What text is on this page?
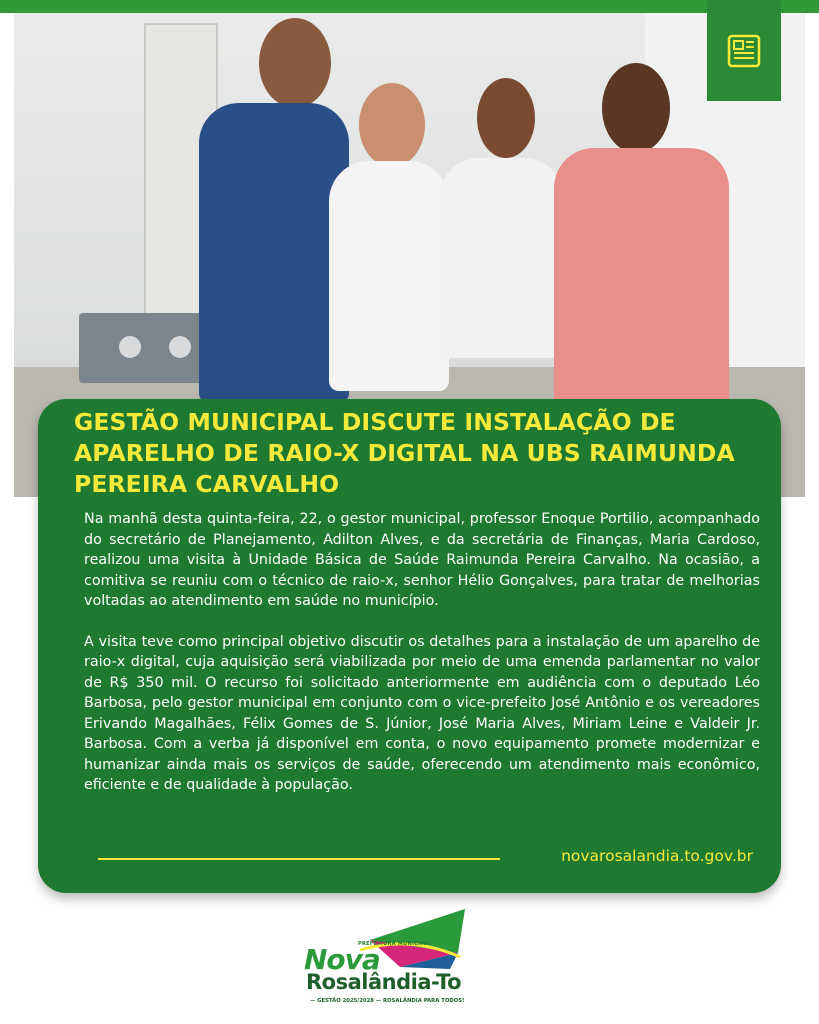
GESTÃO MUNICIPAL DISCUTE INSTALAÇÃO DE APARELHO DE RAIO-X DIGITAL NA UBS RAIMUNDA PEREIRA CARVALHO

Na manhã desta quinta-feira, 22, o gestor municipal, professor Enoque Portilio, acompanhado do secretário de Planejamento, Adilton Alves, e da secretária de Finanças, Maria Cardoso, realizou uma visita à Unidade Básica de Saúde Raimunda Pereira Carvalho. Na ocasião, a comitiva se reuniu com o técnico de raio-x, senhor Hélio Gonçalves, para tratar de melhorias voltadas ao atendimento em saúde no município.

A visita teve como principal objetivo discutir os detalhes para a instalação de um aparelho de raio-x digital, cuja aquisição será viabilizada por meio de uma emenda parlamentar no valor de R$ 350 mil. O recurso foi solicitado anteriormente em audiência com o deputado Léo Barbosa, pelo gestor municipal em conjunto com o vice-prefeito José Antônio e os vereadores Erivando Magalhães, Félix Gomes de S. Júnior, José Maria Alves, Miriam Leine e Valdeir Jr. Barbosa. Com a verba já disponível em conta, o novo equipamento promete modernizar e humanizar ainda mais os serviços de saúde, oferecendo um atendimento mais econômico, eficiente e de qualidade à população.

novarosalandia.to.gov.br
PREFEITURA MUNICIPAL
Nova
Rosalândia-To
— GESTÃO 2025/2028 — ROSALÂNDIA PARA TODOS!
